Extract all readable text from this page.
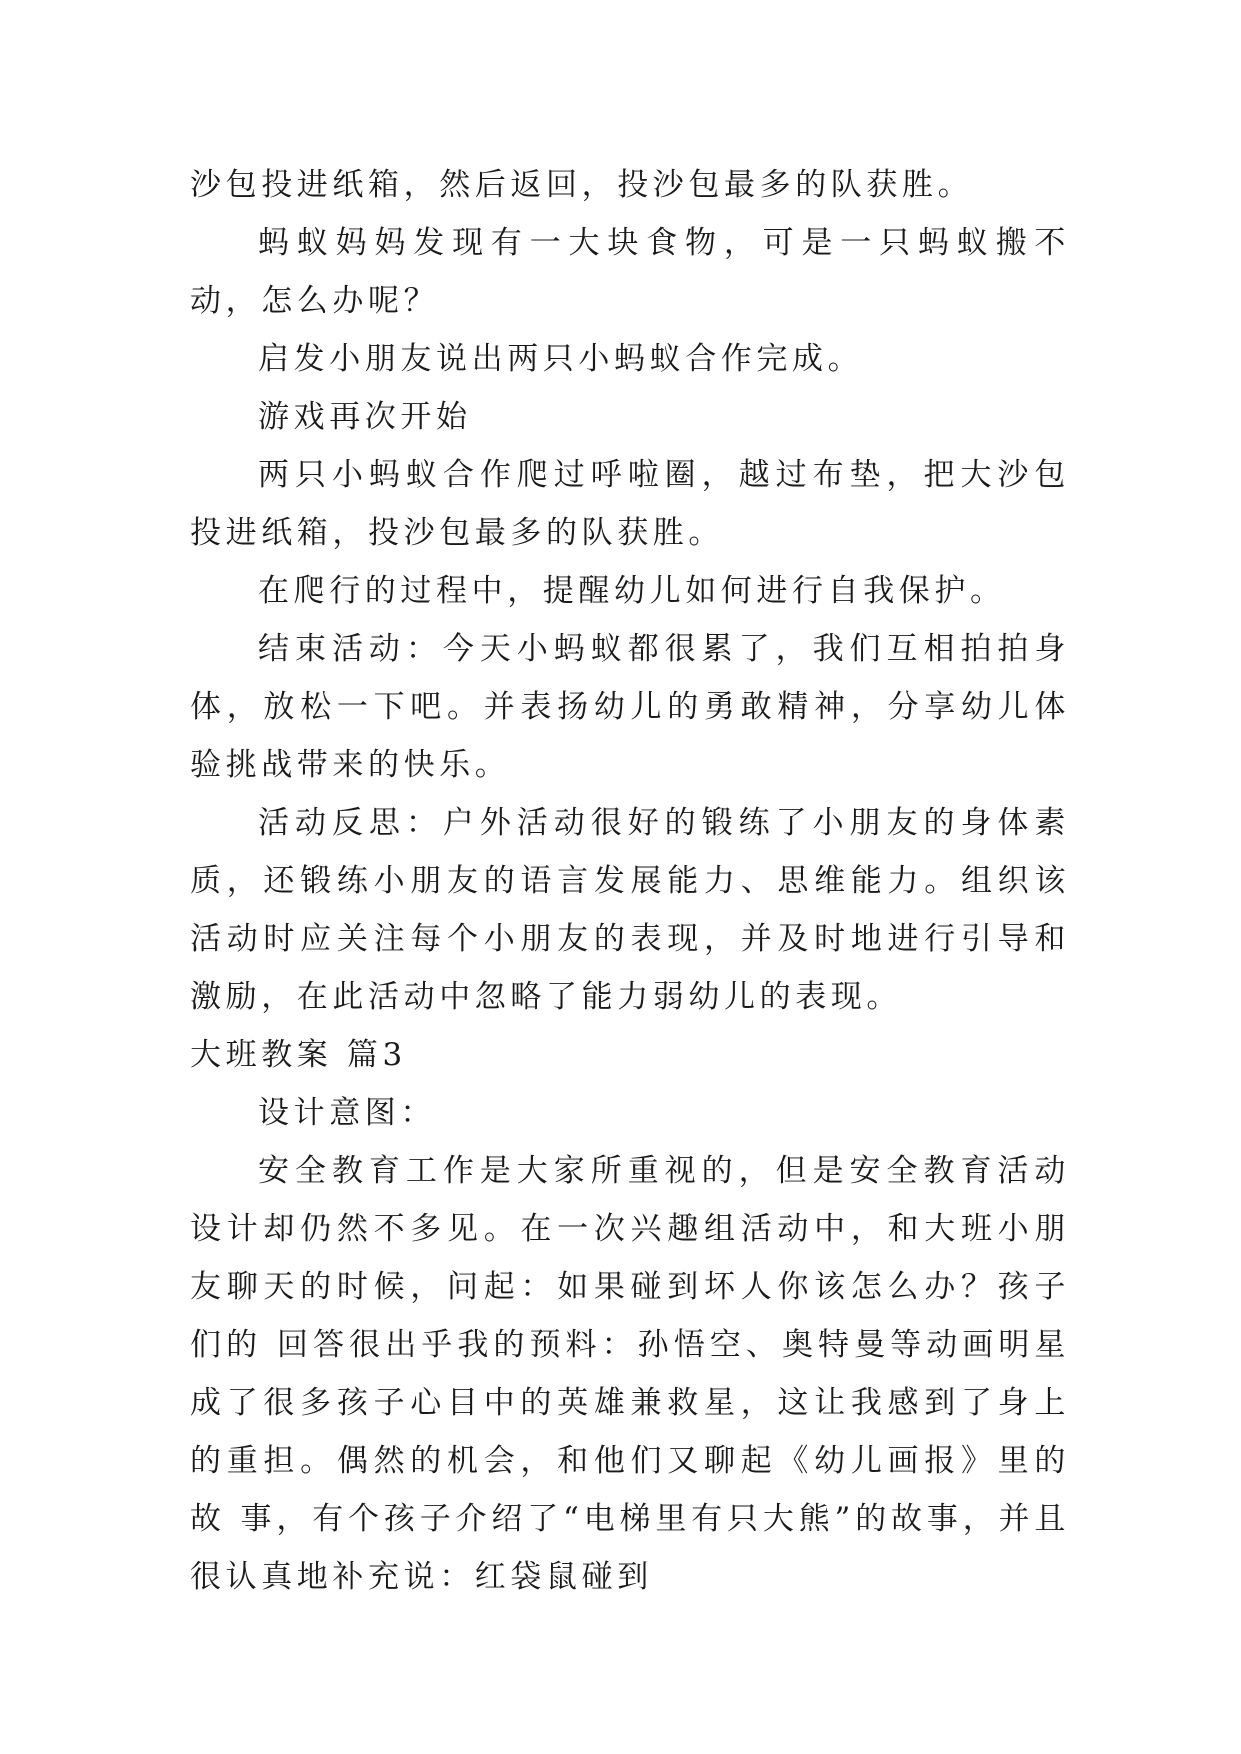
沙包投进纸箱，然后返回，投沙包最多的队获胜。

蚂蚁妈妈发现有一大块食物，可是一只蚂蚁搬不动，怎么办呢？

启发小朋友说出两只小蚂蚁合作完成。

游戏再次开始

两只小蚂蚁合作爬过呼啦圈，越过布垫，把大沙包投进纸箱，投沙包最多的队获胜。

在爬行的过程中，提醒幼儿如何进行自我保护。

结束活动：今天小蚂蚁都很累了，我们互相拍拍身体，放松一下吧。并表扬幼儿的勇敢精神，分享幼儿体验挑战带来的快乐。

活动反思：户外活动很好的锻练了小朋友的身体素质，还锻练小朋友的语言发展能力、思维能力。组织该活动时应关注每个小朋友的表现，并及时地进行引导和激励，在此活动中忽略了能力弱幼儿的表现。

大班教案 篇3

设计意图：

安全教育工作是大家所重视的，但是安全教育活动设计却仍然不多见。在一次兴趣组活动中，和大班小朋友聊天的时候，问起：如果碰到坏人你该怎么办？孩子们的 回答很出乎我的预料：孙悟空、奥特曼等动画明星成了很多孩子心目中的英雄兼救星，这让我感到了身上的重担。偶然的机会，和他们又聊起《幼儿画报》里的故 事，有个孩子介绍了“电梯里有只大熊”的故事，并且很认真地补充说：红袋鼠碰到
